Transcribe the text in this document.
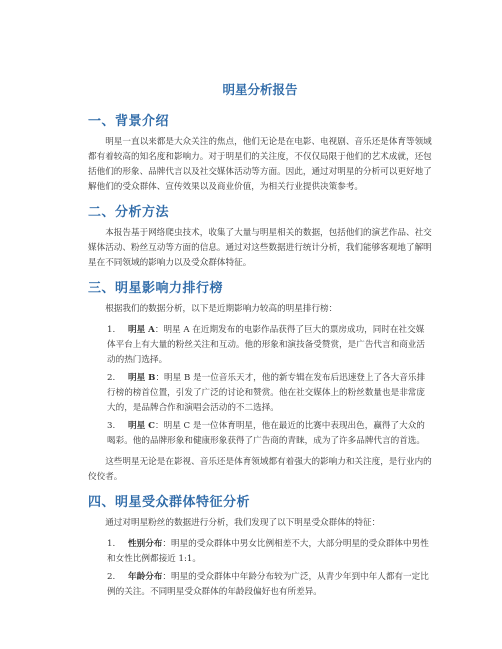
明星分析报告
一、背景介绍

明星一直以来都是大众关注的焦点，他们无论是在电影、电视剧、音乐还是体育等领域都有着较高的知名度和影响力。对于明星们的关注度，不仅仅局限于他们的艺术成就，还包括他们的形象、品牌代言以及社交媒体活动等方面。因此，通过对明星的分析可以更好地了解他们的受众群体、宣传效果以及商业价值，为相关行业提供决策参考。

二、分析方法

本报告基于网络爬虫技术，收集了大量与明星相关的数据，包括他们的演艺作品、社交媒体活动、粉丝互动等方面的信息。通过对这些数据进行统计分析，我们能够客观地了解明星在不同领域的影响力以及受众群体特征。

三、明星影响力排行榜

根据我们的数据分析，以下是近期影响力较高的明星排行榜：

1. 明星 A：明星 A 在近期发布的电影作品获得了巨大的票房成功，同时在社交媒体平台上有大量的粉丝关注和互动。他的形象和演技备受赞赏，是广告代言和商业活动的热门选择。
2. 明星 B：明星 B 是一位音乐天才，他的新专辑在发布后迅速登上了各大音乐排行榜的榜首位置，引发了广泛的讨论和赞赏。他在社交媒体上的粉丝数量也是非常庞大的，是品牌合作和演唱会活动的不二选择。
3. 明星 C：明星 C 是一位体育明星，他在最近的比赛中表现出色，赢得了大众的喝彩。他的品牌形象和健康形象获得了广告商的青睐，成为了许多品牌代言的首选。

这些明星无论是在影视、音乐还是体育领域都有着强大的影响力和关注度，是行业内的佼佼者。

四、明星受众群体特征分析

通过对明星粉丝的数据进行分析，我们发现了以下明星受众群体的特征：

1. 性别分布：明星的受众群体中男女比例相差不大，大部分明星的受众群体中男性和女性比例都接近 1:1。
2. 年龄分布：明星的受众群体中年龄分布较为广泛，从青少年到中年人都有一定比例的关注。不同明星受众群体的年龄段偏好也有所差异。
